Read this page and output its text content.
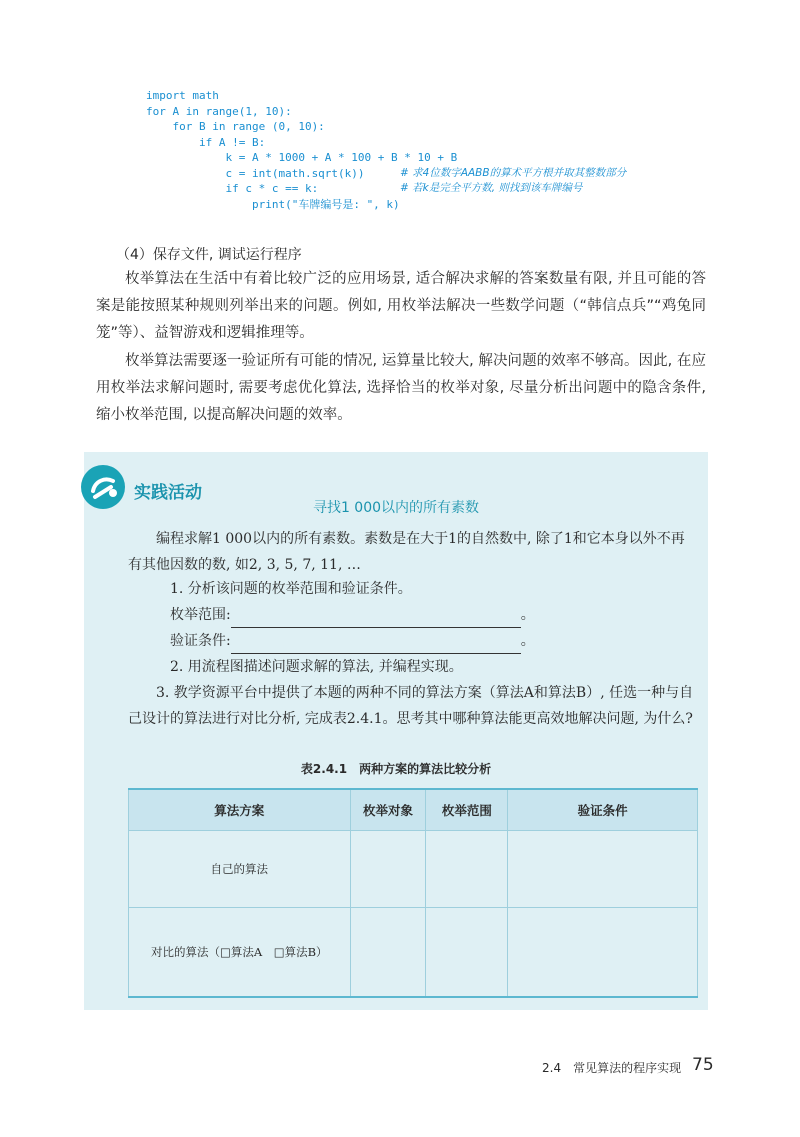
import math
for A in range(1, 10):
for B in range (0, 10):
if A != B:
k = A * 1000 + A * 100 + B * 10 + B
c = int(math.sqrt(k))	# 求4位数字AABB的算术平方根并取其整数部分
if c * c == k:	# 若k是完全平方数, 则找到该车牌编号
print("车牌编号是: ", k)
（4）保存文件, 调试运行程序
枚举算法在生活中有着比较广泛的应用场景, 适合解决求解的答案数量有限, 并且可能的答案是能按照某种规则列举出来的问题。例如, 用枚举法解决一些数学问题（“韩信点兵”“鸡兔同笼”等）、益智游戏和逻辑推理等。
枚举算法需要逐一验证所有可能的情况, 运算量比较大, 解决问题的效率不够高。因此, 在应用枚举法求解问题时, 需要考虑优化算法, 选择恰当的枚举对象, 尽量分析出问题中的隐含条件, 缩小枚举范围, 以提高解决问题的效率。
实践活动
寻找1 000以内的所有素数
编程求解1 000以内的所有素数。素数是在大于1的自然数中, 除了1和它本身以外不再有其他因数的数, 如2, 3, 5, 7, 11, …
1. 分析该问题的枚举范围和验证条件。
枚举范围:	。
验证条件:	。
2. 用流程图描述问题求解的算法, 并编程实现。
3. 教学资源平台中提供了本题的两种不同的算法方案（算法A和算法B）, 任选一种与自己设计的算法进行对比分析, 完成表2.4.1。思考其中哪种算法能更高效地解决问题, 为什么?
表2.4.1　两种方案的算法比较分析
算法方案	枚举对象	枚举范围	验证条件
自己的算法			
对比的算法（□算法A　□算法B）			
2.4　常见算法的程序实现 75
